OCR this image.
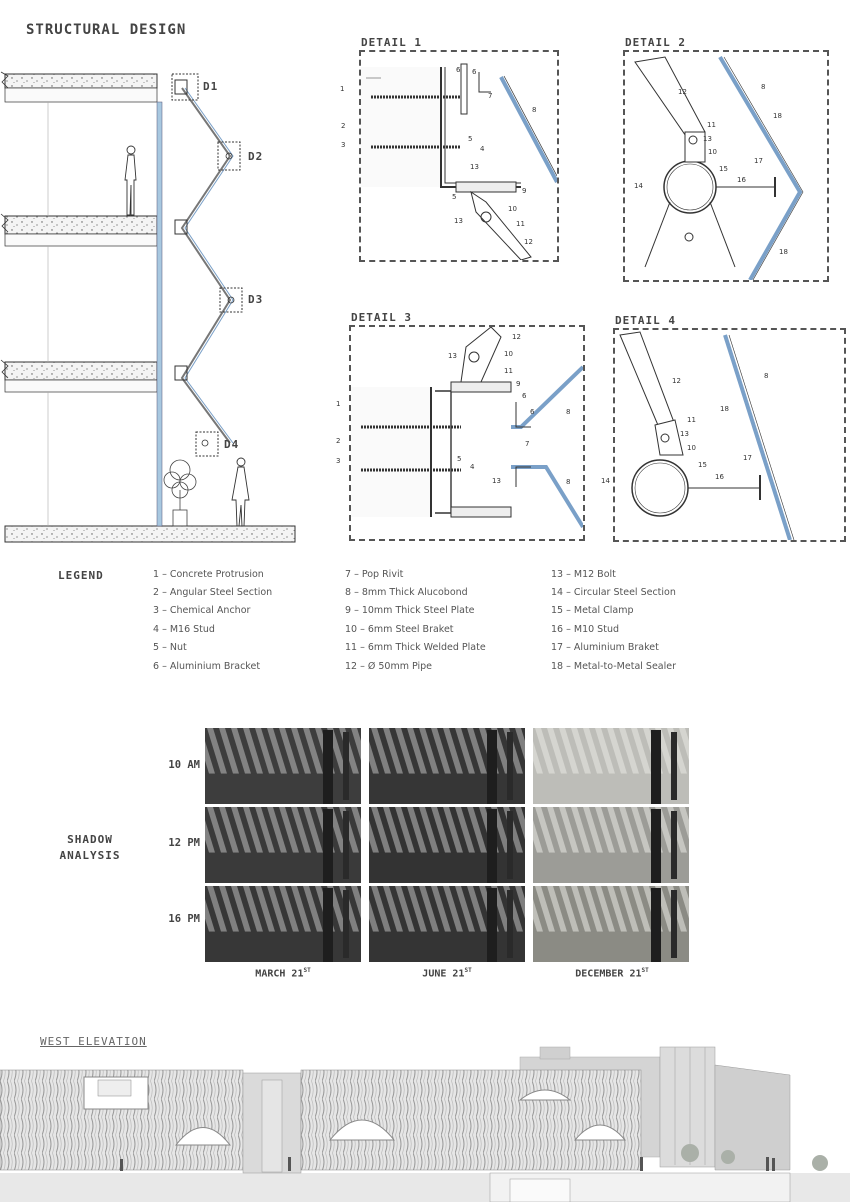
STRUCTURAL DESIGN
D1
D2
D3
D4
DETAIL 1
1
2
3	4
5
5
6 6
7
8
9
10
11
12
13
13
DETAIL 2
8
10
11
12
13
14
15
16
17
18
18
DETAIL 3
1
2
3
4
5
6
6
7
8
8
9
10
11
12
13
13
DETAIL 4
8
10
11
12
13
14
15
16
17
18
LEGEND	1 – Concrete Protrusion
2 – Angular Steel Section
3 – Chemical Anchor
4 – M16 Stud
5 – Nut
6 – Aluminium Bracket
7 – Pop Rivit
8 – 8mm Thick Alucobond
9 – 10mm Thick Steel Plate
10 – 6mm Steel Braket
11 – 6mm Thick Welded Plate
12 – Ø 50mm Pipe
13 – M12 Bolt
14 – Circular Steel Section
15 – Metal Clamp
16 – M10 Stud
17 – Aluminium Braket
18 – Metal-to-Metal Sealer
SHADOW
ANALYSIS
10 AM
12 PM
16 PM
MARCH 21ST	JUNE 21ST	DECEMBER 21ST
WEST ELEVATION
